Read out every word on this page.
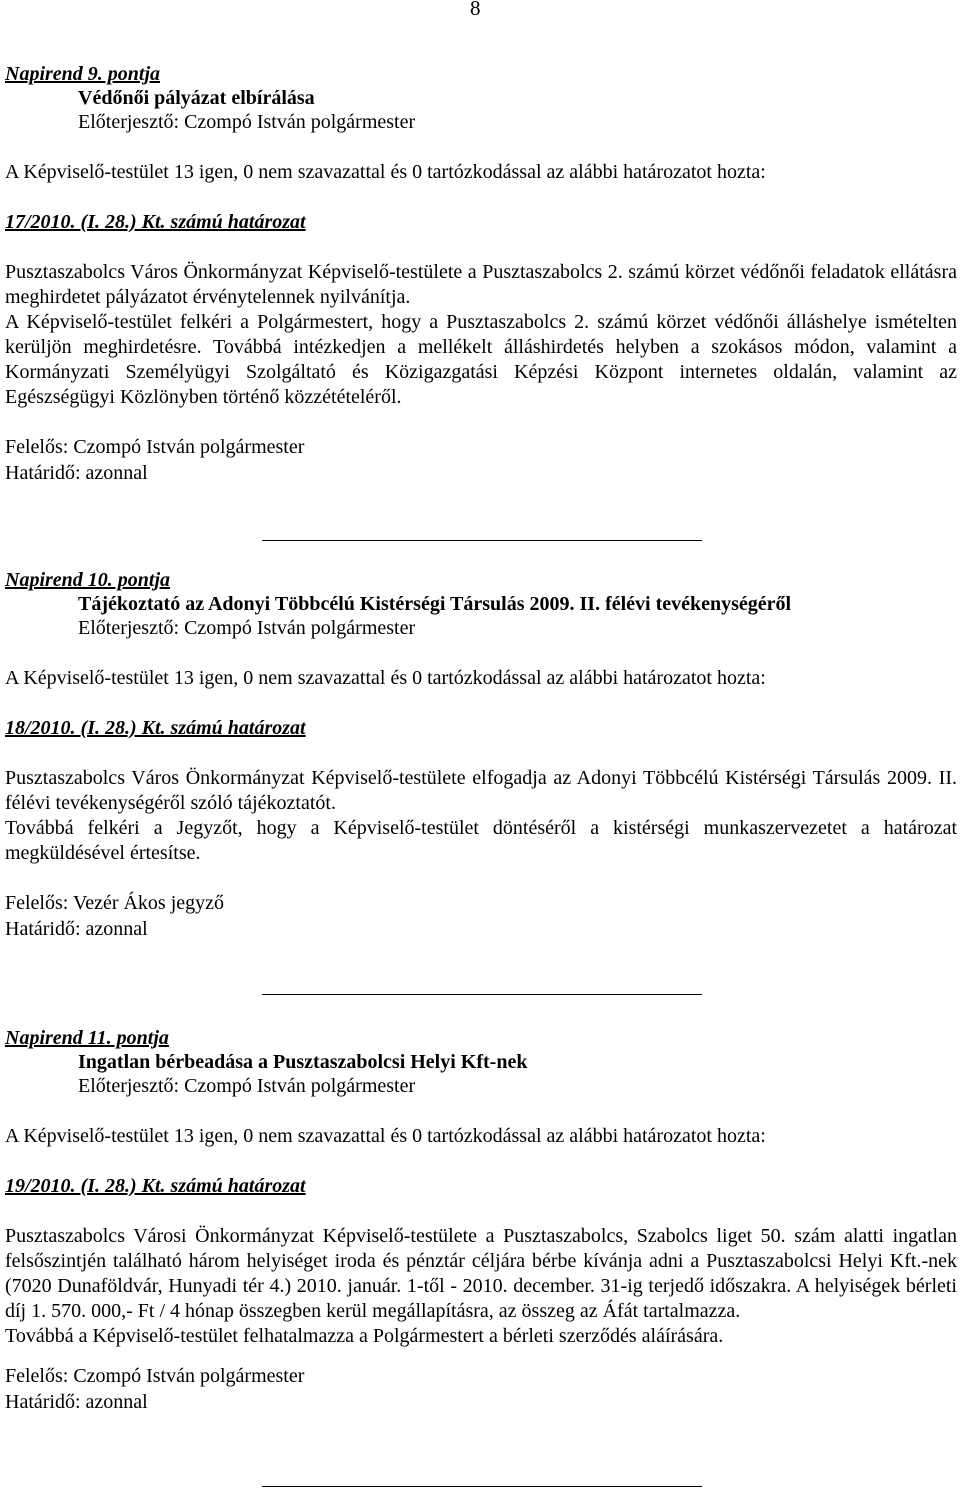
8
Napirend 9. pontja
Védőnői pályázat elbírálása
Előterjesztő: Czompó István polgármester
A Képviselő-testület 13 igen, 0 nem szavazattal és 0 tartózkodással az alábbi határozatot hozta:
17/2010. (I. 28.) Kt. számú határozat

Pusztaszabolcs Város Önkormányzat Képviselő-testülete a Pusztaszabolcs 2. számú körzet védőnői feladatok ellátásra meghirdetet pályázatot érvénytelennek nyilvánítja.

A Képviselő-testület felkéri a Polgármestert, hogy a Pusztaszabolcs 2. számú körzet védőnői álláshelye ismételten kerüljön meghirdetésre. Továbbá intézkedjen a mellékelt álláshirdetés helyben a szokásos módon, valamint a Kormányzati Személyügyi Szolgáltató és Közigazgatási Képzési Központ internetes oldalán, valamint az Egészségügyi Közlönyben történő közzétételéről.

Felelős: Czompó István polgármester
Határidő: azonnal
Napirend 10. pontja
Tájékoztató az Adonyi Többcélú Kistérségi Társulás 2009. II. félévi tevékenységéről
Előterjesztő: Czompó István polgármester
A Képviselő-testület 13 igen, 0 nem szavazattal és 0 tartózkodással az alábbi határozatot hozta:
18/2010. (I. 28.) Kt. számú határozat

Pusztaszabolcs Város Önkormányzat Képviselő-testülete elfogadja az Adonyi Többcélú Kistérségi Társulás 2009. II. félévi tevékenységéről szóló tájékoztatót.

Továbbá felkéri a Jegyzőt, hogy a Képviselő-testület döntéséről a kistérségi munkaszervezetet a határozat megküldésével értesítse.

Felelős: Vezér Ákos jegyző
Határidő: azonnal
Napirend 11. pontja
Ingatlan bérbeadása a Pusztaszabolcsi Helyi Kft-nek
Előterjesztő: Czompó István polgármester
A Képviselő-testület 13 igen, 0 nem szavazattal és 0 tartózkodással az alábbi határozatot hozta:
19/2010. (I. 28.) Kt. számú határozat

Pusztaszabolcs Városi Önkormányzat Képviselő-testülete a Pusztaszabolcs, Szabolcs liget 50. szám alatti ingatlan felsőszintjén található három helyiséget iroda és pénztár céljára bérbe kívánja adni a Pusztaszabolcsi Helyi Kft.-nek (7020 Dunaföldvár, Hunyadi tér 4.) 2010. január. 1-től - 2010. december. 31-ig terjedő időszakra. A helyiségek bérleti díj 1. 570. 000,- Ft / 4 hónap összegben kerül megállapításra, az összeg az Áfát tartalmazza.

Továbbá a Képviselő-testület felhatalmazza a Polgármestert a bérleti szerződés aláírására.

Felelős: Czompó István polgármester
Határidő: azonnal
